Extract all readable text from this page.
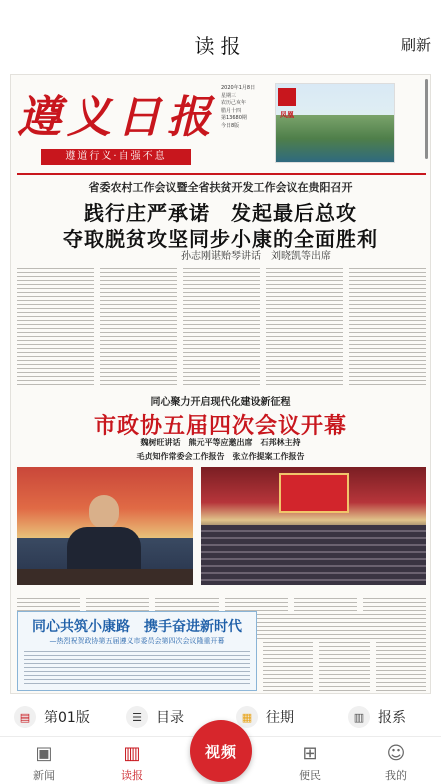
读报	刷新
遵义日报
遵道行义·自强不息
2020年1月8日
星期三
农历己亥年
腊月十四
第13680期
今日8版
凤凰
省委农村工作会议暨全省扶贫开发工作会议在贵阳召开
践行庄严承诺　发起最后总攻
夺取脱贫攻坚同步小康的全面胜利
孙志刚谌贻琴讲话　刘晓凯等出席
同心聚力开启现代化建设新征程
市政协五届四次会议开幕
魏树旺讲话　熊元平等应邀出席　石邦林主持
毛贞知作常委会工作报告　张立作提案工作报告
同心共筑小康路　携手奋进新时代
—热烈祝贺政协第五届遵义市委员会第四次会议隆重开幕
▤ 第01版	☰	目录	▦ 往期	▥ 报系
▣
新闻
▥
读报
⊞
便民
☺
我的
视频
